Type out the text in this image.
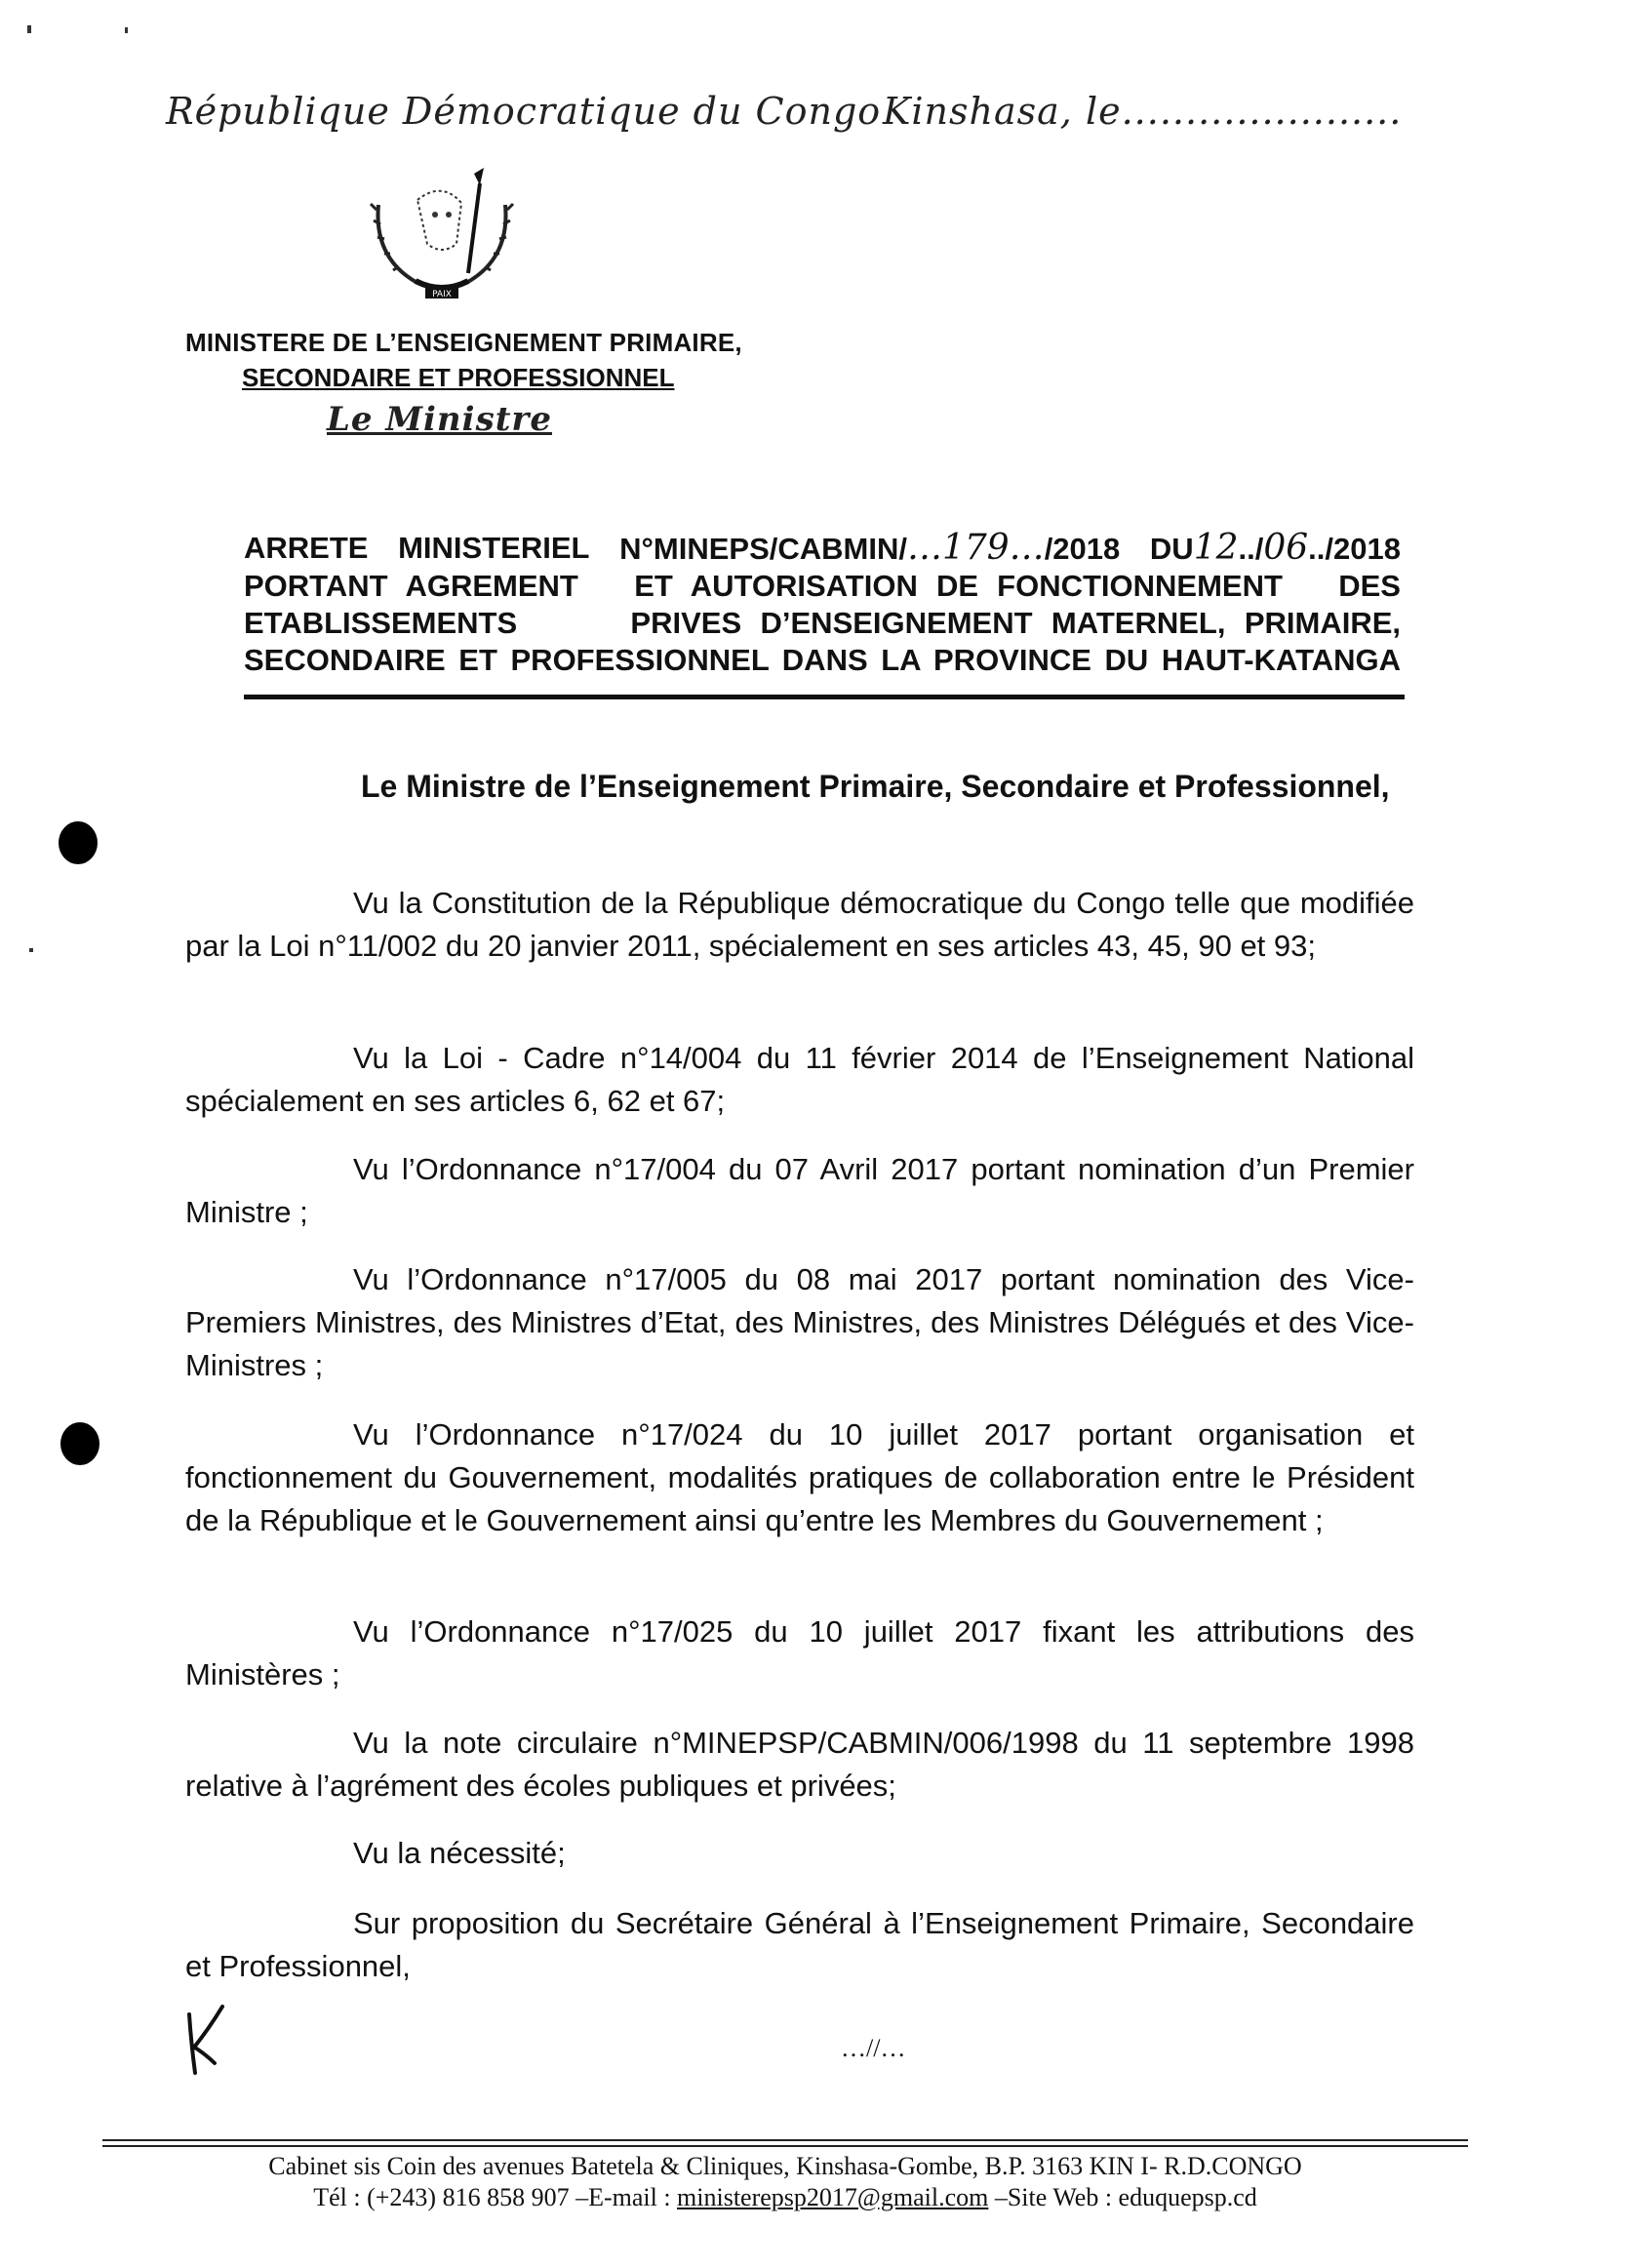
République Démocratique du Congo Kinshasa, le......................
PAIX
MINISTERE DE L’ENSEIGNEMENT PRIMAIRE,
SECONDAIRE ET PROFESSIONNEL
Le Ministre
ARRETE MINISTERIEL N°MINEPS/CABMIN/…179…/2018 DU12../06../2018
PORTANT AGREMENT   ET AUTORISATION DE FONCTIONNEMENT   DES
ETABLISSEMENTS      PRIVES D’ENSEIGNEMENT MATERNEL, PRIMAIRE,
SECONDAIRE ET PROFESSIONNEL DANS LA PROVINCE DU HAUT-KATANGA
Le Ministre de l’Enseignement Primaire, Secondaire et Professionnel,
Vu la Constitution de la République démocratique du Congo telle que modifiée par la Loi n°11/002 du 20 janvier 2011, spécialement en ses articles 43, 45, 90 et 93;
Vu la Loi - Cadre n°14/004 du 11 février 2014 de l’Enseignement National spécialement en ses articles 6, 62 et 67;
Vu l’Ordonnance n°17/004 du 07 Avril 2017 portant nomination d’un Premier Ministre ;
Vu l’Ordonnance n°17/005 du 08 mai 2017 portant nomination des Vice-Premiers Ministres, des Ministres d’Etat, des Ministres, des Ministres Délégués et des Vice-Ministres ;
Vu l’Ordonnance n°17/024 du 10 juillet 2017 portant organisation et fonctionnement du Gouvernement, modalités pratiques de collaboration entre le Président de la République et le Gouvernement ainsi qu’entre les Membres du Gouvernement ;
Vu l’Ordonnance n°17/025 du 10 juillet 2017 fixant les attributions des Ministères ;
Vu la note circulaire n°MINEPSP/CABMIN/006/1998 du 11 septembre 1998 relative à l’agrément des écoles publiques et privées;
Vu la nécessité;
Sur proposition du Secrétaire Général à l’Enseignement Primaire, Secondaire et Professionnel,
…//…
Cabinet sis Coin des avenues Batetela & Cliniques, Kinshasa-Gombe, B.P. 3163 KIN I- R.D.CONGO
Tél : (+243) 816 858 907 –E-mail : ministerepsp2017@gmail.com –Site Web : eduquepsp.cd
